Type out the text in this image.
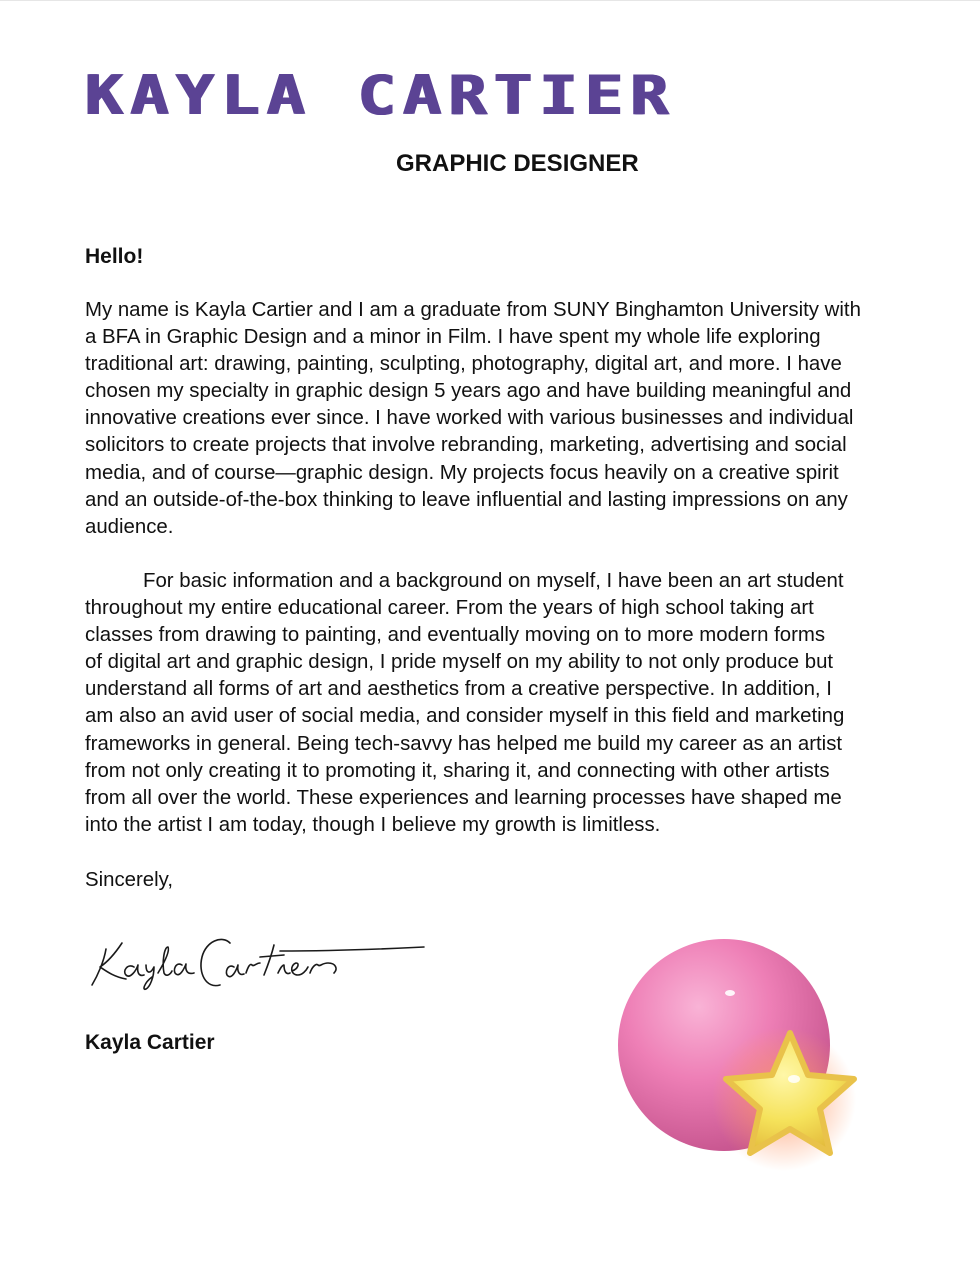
KAYLA CARTIER
GRAPHIC DESIGNER
Hello!

My name is Kayla Cartier and I am a graduate from SUNY Binghamton University with
a BFA in Graphic Design and a minor in Film. I have spent my whole life exploring
traditional art: drawing, painting, sculpting, photography, digital art, and more. I have
chosen my specialty in graphic design 5 years ago and have building meaningful and
innovative creations ever since. I have worked with various businesses and individual
solicitors to create projects that involve rebranding, marketing, advertising and social
media, and of course—graphic design. My projects focus heavily on a creative spirit
and an outside-of-the-box thinking to leave influential and lasting impressions on any
audience.

For basic information and a background on myself, I have been an art student
throughout my entire educational career. From the years of high school taking art
classes from drawing to painting, and eventually moving on to more modern forms
of digital art and graphic design, I pride myself on my ability to not only produce but
understand all forms of art and aesthetics from a creative perspective. In addition, I
am also an avid user of social media, and consider myself in this field and marketing
frameworks in general. Being tech-savvy has helped me build my career as an artist
from not only creating it to promoting it, sharing it, and connecting with other artists
from all over the world. These experiences and learning processes have shaped me
into the artist I am today, though I believe my growth is limitless.

Sincerely,
Kayla Cartier
